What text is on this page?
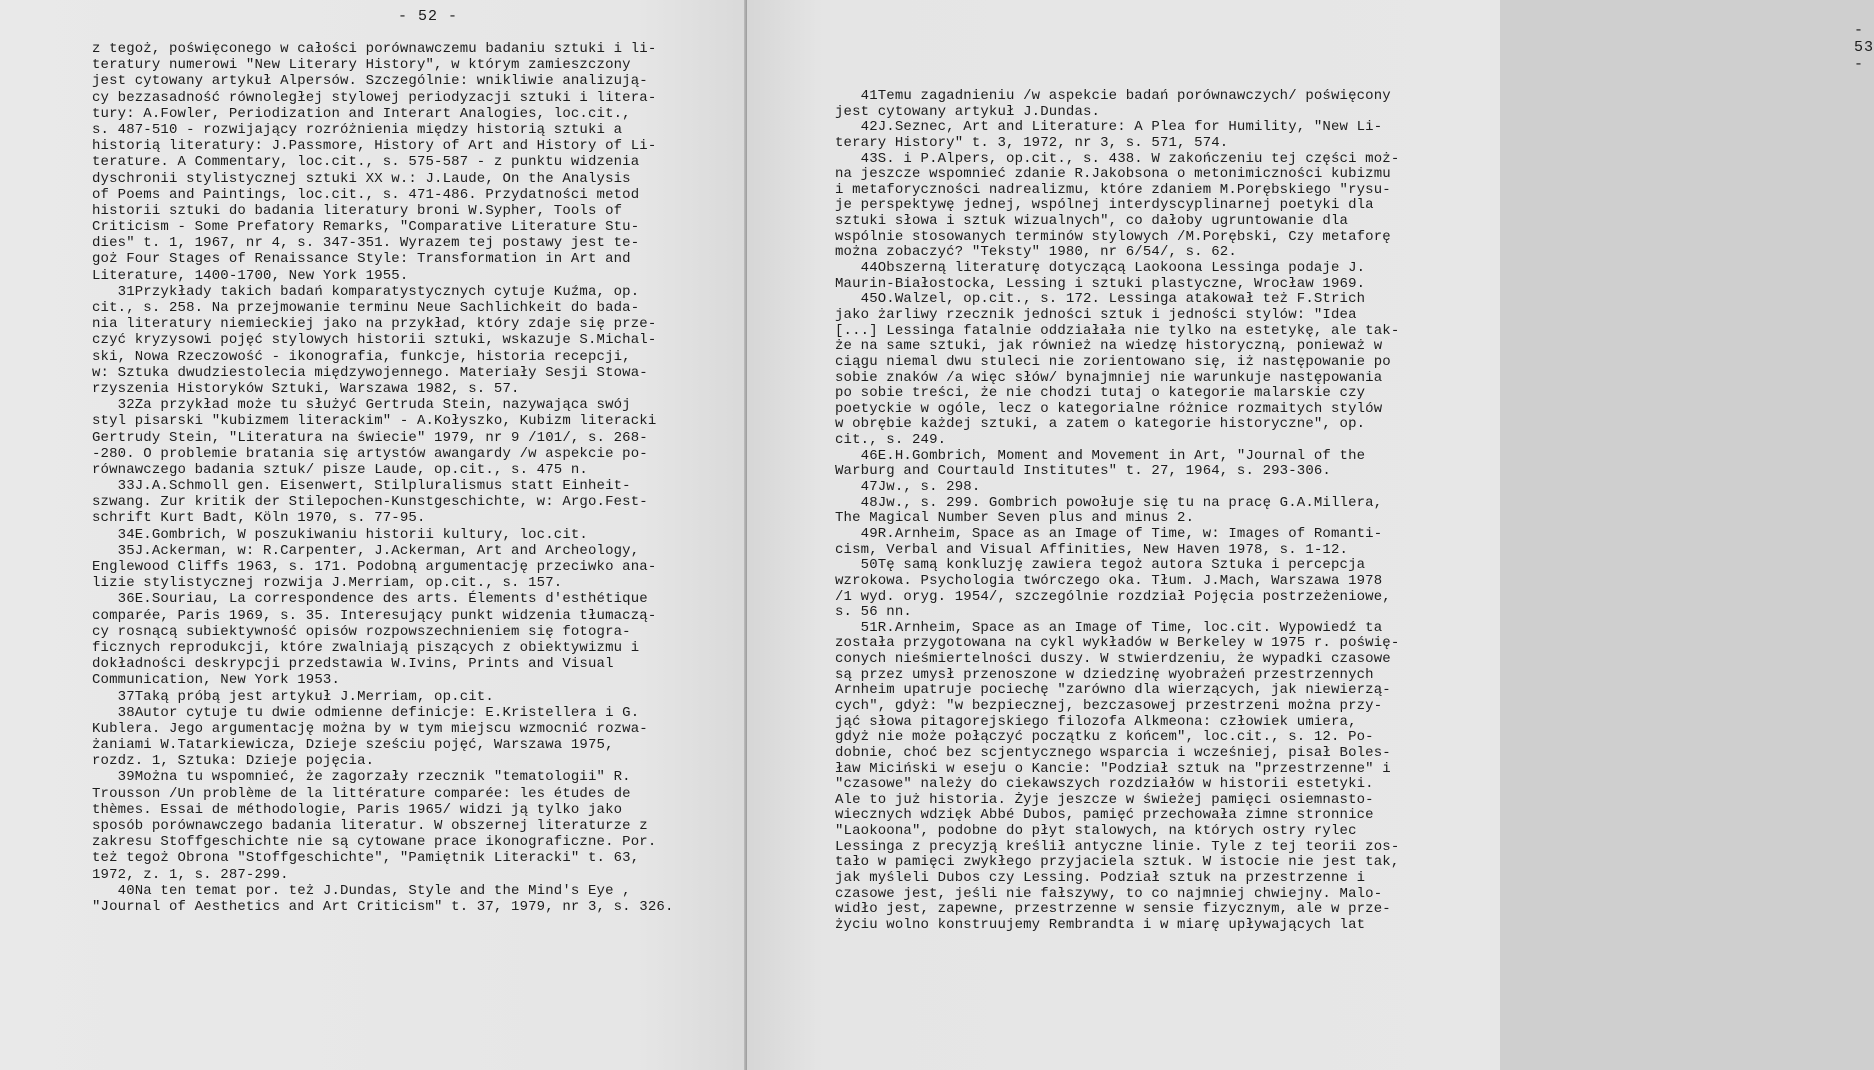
- 52 -
z tegoż, poświęconego w całości porównawczemu badaniu sztuki i li-
teratury numerowi "New Literary History", w którym zamieszczony
jest cytowany artykuł Alpersów. Szczególnie: wnikliwie analizują-
cy bezzasadność równoległej stylowej periodyzacji sztuki i litera-
tury: A.Fowler, Periodization and Interart Analogies, loc.cit.,
s. 487-510 - rozwijający rozróżnienia między historią sztuki a
historią literatury: J.Passmore, History of Art and History of Li-
terature. A Commentary, loc.cit., s. 575-587 - z punktu widzenia
dyschronii stylistycznej sztuki XX w.: J.Laude, On the Analysis
of Poems and Paintings, loc.cit., s. 471-486. Przydatności metod
historii sztuki do badania literatury broni W.Sypher, Tools of
Criticism - Some Prefatory Remarks, "Comparative Literature Stu-
dies" t. 1, 1967, nr 4, s. 347-351. Wyrazem tej postawy jest te-
goż Four Stages of Renaissance Style: Transformation in Art and
Literature, 1400-1700, New York 1955.
31Przykłady takich badań komparatystycznych cytuje Kuźma, op.
cit., s. 258. Na przejmowanie terminu Neue Sachlichkeit do bada-
nia literatury niemieckiej jako na przykład, który zdaje się prze-
czyć kryzysowi pojęć stylowych historii sztuki, wskazuje S.Michal-
ski, Nowa Rzeczowość - ikonografia, funkcje, historia recepcji,
w: Sztuka dwudziestolecia międzywojennego. Materiały Sesji Stowa-
rzyszenia Historyków Sztuki, Warszawa 1982, s. 57.
32Za przykład może tu służyć Gertruda Stein, nazywająca swój
styl pisarski "kubizmem literackim" - A.Kołyszko, Kubizm literacki
Gertrudy Stein, "Literatura na świecie" 1979, nr 9 /101/, s. 268-
-280. O problemie bratania się artystów awangardy /w aspekcie po-
równawczego badania sztuk/ pisze Laude, op.cit., s. 475 n.
33J.A.Schmoll gen. Eisenwert, Stilpluralismus statt Einheit-
szwang. Zur kritik der Stilepochen-Kunstgeschichte, w: Argo.Fest-
schrift Kurt Badt, Köln 1970, s. 77-95.
34E.Gombrich, W poszukiwaniu historii kultury, loc.cit.
35J.Ackerman, w: R.Carpenter, J.Ackerman, Art and Archeology,
Englewood Cliffs 1963, s. 171. Podobną argumentację przeciwko ana-
lizie stylistycznej rozwija J.Merriam, op.cit., s. 157.
36E.Souriau, La correspondence des arts. Élements d'esthétique
comparée, Paris 1969, s. 35. Interesujący punkt widzenia tłumaczą-
cy rosnącą subiektywność opisów rozpowszechnieniem się fotogra-
ficznych reprodukcji, które zwalniają piszących z obiektywizmu i
dokładności deskrypcji przedstawia W.Ivins, Prints and Visual
Communication, New York 1953.
37Taką próbą jest artykuł J.Merriam, op.cit.
38Autor cytuje tu dwie odmienne definicje: E.Kristellera i G.
Kublera. Jego argumentację można by w tym miejscu wzmocnić rozwa-
żaniami W.Tatarkiewicza, Dzieje sześciu pojęć, Warszawa 1975,
rozdz. 1, Sztuka: Dzieje pojęcia.
39Można tu wspomnieć, że zagorzały rzecznik "tematologii" R.
Trousson /Un problème de la littérature comparée: les études de
thèmes. Essai de méthodologie, Paris 1965/ widzi ją tylko jako
sposób porównawczego badania literatur. W obszernej literaturze z
zakresu Stoffgeschichte nie są cytowane prace ikonograficzne. Por.
też tegoż Obrona "Stoffgeschichte", "Pamiętnik Literacki" t. 63,
1972, z. 1, s. 287-299.
40Na ten temat por. też J.Dundas, Style and the Mind's Eye ,
"Journal of Aesthetics and Art Criticism" t. 37, 1979, nr 3, s. 326.
- 53 -
41Temu zagadnieniu /w aspekcie badań porównawczych/ poświęcony
jest cytowany artykuł J.Dundas.
42J.Seznec, Art and Literature: A Plea for Humility, "New Li-
terary History" t. 3, 1972, nr 3, s. 571, 574.
43S. i P.Alpers, op.cit., s. 438. W zakończeniu tej części moż-
na jeszcze wspomnieć zdanie R.Jakobsona o metonimiczności kubizmu
i metaforyczności nadrealizmu, które zdaniem M.Porębskiego "rysu-
je perspektywę jednej, wspólnej interdyscyplinarnej poetyki dla
sztuki słowa i sztuk wizualnych", co dałoby ugruntowanie dla
wspólnie stosowanych terminów stylowych /M.Porębski, Czy metaforę
można zobaczyć? "Teksty" 1980, nr 6/54/, s. 62.
44Obszerną literaturę dotyczącą Laokoona Lessinga podaje J.
Maurin-Białostocka, Lessing i sztuki plastyczne, Wrocław 1969.
45O.Walzel, op.cit., s. 172. Lessinga atakował też F.Strich
jako żarliwy rzecznik jedności sztuk i jedności stylów: "Idea
[...] Lessinga fatalnie oddziałała nie tylko na estetykę, ale tak-
że na same sztuki, jak również na wiedzę historyczną, ponieważ w
ciągu niemal dwu stuleci nie zorientowano się, iż następowanie po
sobie znaków /a więc słów/ bynajmniej nie warunkuje następowania
po sobie treści, że nie chodzi tutaj o kategorie malarskie czy
poetyckie w ogóle, lecz o kategorialne różnice rozmaitych stylów
w obrębie każdej sztuki, a zatem o kategorie historyczne", op.
cit., s. 249.
46E.H.Gombrich, Moment and Movement in Art, "Journal of the
Warburg and Courtauld Institutes" t. 27, 1964, s. 293-306.
47Jw., s. 298.
48Jw., s. 299. Gombrich powołuje się tu na pracę G.A.Millera,
The Magical Number Seven plus and minus 2.
49R.Arnheim, Space as an Image of Time, w: Images of Romanti-
cism, Verbal and Visual Affinities, New Haven 1978, s. 1-12.
50Tę samą konkluzję zawiera tegoż autora Sztuka i percepcja
wzrokowa. Psychologia twórczego oka. Tłum. J.Mach, Warszawa 1978
/1 wyd. oryg. 1954/, szczególnie rozdział Pojęcia postrzeżeniowe,
s. 56 nn.
51R.Arnheim, Space as an Image of Time, loc.cit. Wypowiedź ta
została przygotowana na cykl wykładów w Berkeley w 1975 r. poświę-
conych nieśmiertelności duszy. W stwierdzeniu, że wypadki czasowe
są przez umysł przenoszone w dziedzinę wyobrażeń przestrzennych
Arnheim upatruje pociechę "zarówno dla wierzących, jak niewierzą-
cych", gdyż: "w bezpiecznej, bezczasowej przestrzeni można przy-
jąć słowa pitagorejskiego filozofa Alkmeona: człowiek umiera,
gdyż nie może połączyć początku z końcem", loc.cit., s. 12. Po-
dobnie, choć bez scjentycznego wsparcia i wcześniej, pisał Boles-
ław Miciński w eseju o Kancie: "Podział sztuk na "przestrzenne" i
"czasowe" należy do ciekawszych rozdziałów w historii estetyki.
Ale to już historia. Żyje jeszcze w świeżej pamięci osiemnasto-
wiecznych wdzięk Abbé Dubos, pamięć przechowała zimne stronnice
"Laokoona", podobne do płyt stalowych, na których ostry rylec
Lessinga z precyzją kreślił antyczne linie. Tyle z tej teorii zos-
tało w pamięci zwykłego przyjaciela sztuk. W istocie nie jest tak,
jak myśleli Dubos czy Lessing. Podział sztuk na przestrzenne i
czasowe jest, jeśli nie fałszywy, to co najmniej chwiejny. Malo-
widło jest, zapewne, przestrzenne w sensie fizycznym, ale w prze-
życiu wolno konstruujemy Rembrandta i w miarę upływających lat
